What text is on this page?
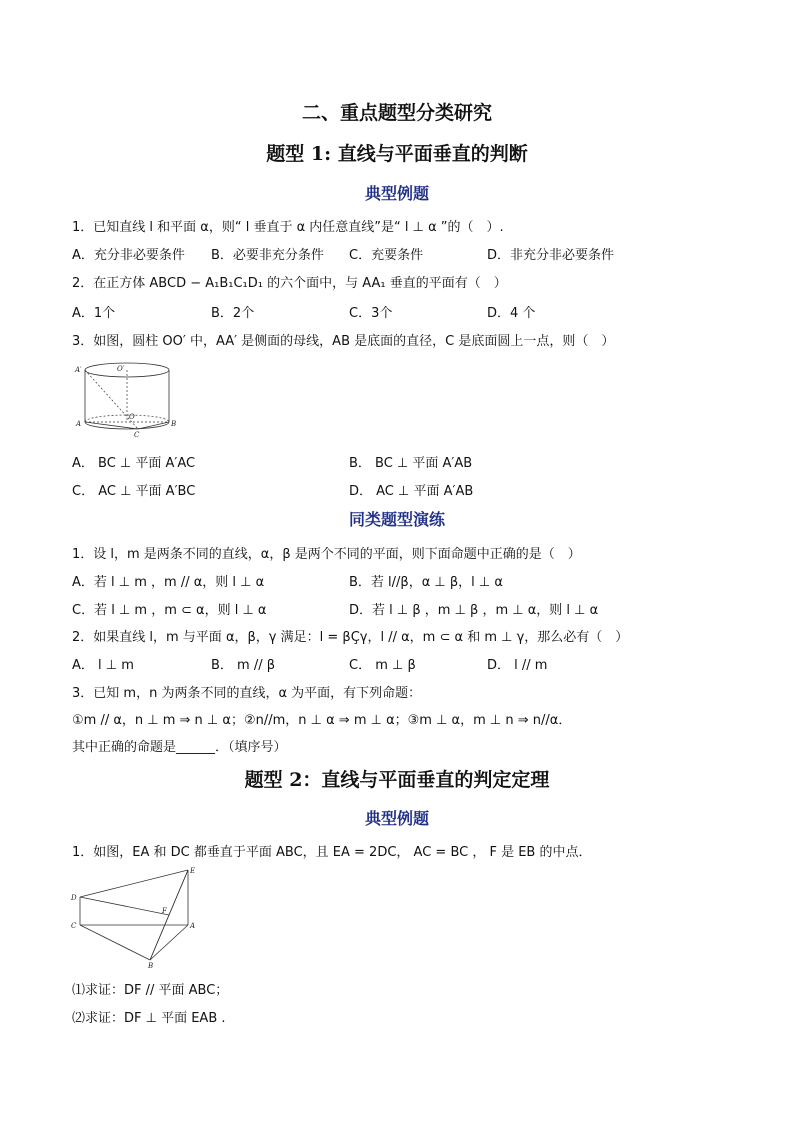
二、重点题型分类研究
题型 1: 直线与平面垂直的判断
典型例题
1．已知直线 l 和平面 α，则“ l 垂直于 α 内任意直线”是“ l ⊥ α ”的（　）.
A．充分非必要条件 B．必要非充分条件 C．充要条件	D．非充分非必要条件
2．在正方体 ABCD − A₁B₁C₁D₁ 的六个面中，与 AA₁ 垂直的平面有（　）
A．1个	B．2个	C．3个	D．4 个
3．如图，圆柱 OO′ 中，AA′ 是侧面的母线，AB 是底面的直径，C 是底面圆上一点，则（　）
A′	O′
O
A	B
C
A． BC ⊥ 平面 A′AC	B． BC ⊥ 平面 A′AB
C． AC ⊥ 平面 A′BC	D． AC ⊥ 平面 A′AB
同类题型演练
1．设 l，m 是两条不同的直线，α，β 是两个不同的平面，则下面命题中正确的是（　）
A．若 l ⊥ m ，m // α，则 l ⊥ α	B．若 l//β，α ⊥ β，l ⊥ α
C．若 l ⊥ m ，m ⊂ α，则 l ⊥ α	D．若 l ⊥ β ，m ⊥ β ，m ⊥ α，则 l ⊥ α
2．如果直线 l，m 与平面 α，β，γ 满足：l = βÇγ，l // α，m ⊂ α 和 m ⊥ γ，那么必有（　）
A． l ⊥ m	B． m // β	C． m ⊥ β	D． l // m
3．已知 m，n 为两条不同的直线，α 为平面，有下列命题：
①m // α，n ⊥ m ⇒ n ⊥ α；②n//m，n ⊥ α ⇒ m ⊥ α；③m ⊥ α，m ⊥ n ⇒ n//α．
其中正确的命题是______．（填序号）
题型 2：直线与平面垂直的判定定理
典型例题
1．如图，EA 和 DC 都垂直于平面 ABC，且 EA = 2DC， AC = BC ， F 是 EB 的中点．
D
C
E
A
B
F
⑴求证：DF // 平面 ABC；
⑵求证：DF ⊥ 平面 EAB .
